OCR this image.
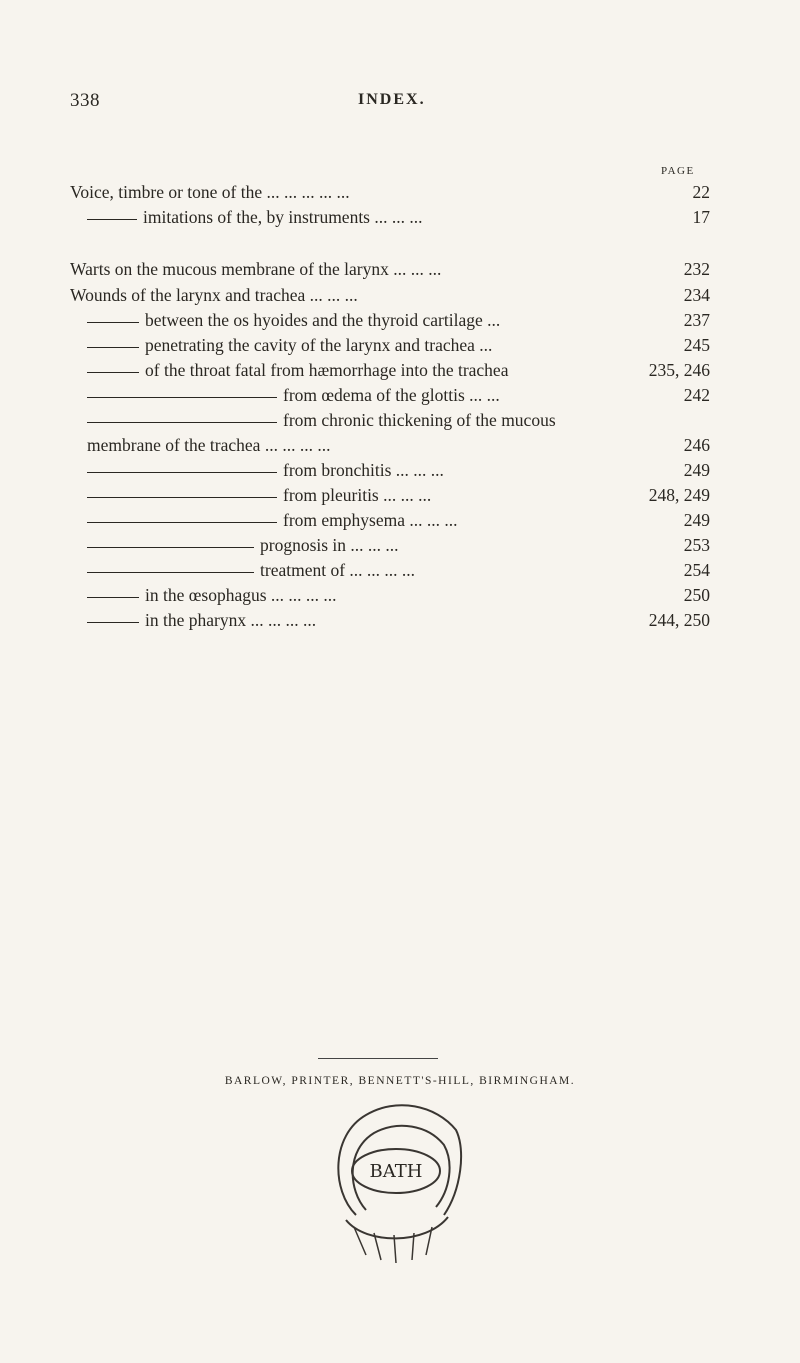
338	INDEX.
PAGE
Voice, timbre or tone of the ... ... ... ... ...	22
imitations of the, by instruments ... ... ...	17
Warts on the mucous membrane of the larynx ... ... ...	232
Wounds of the larynx and trachea ... ... ...	234
between the os hyoides and the thyroid cartilage ...	237
penetrating the cavity of the larynx and trachea ...	245
of the throat fatal from hæmorrhage into the trachea	235, 246
from œdema of the glottis ... ...	242
from chronic thickening of the mucous
membrane of the trachea ... ... ... ...	246
from bronchitis ... ... ...	249
from pleuritis ... ... ...	248, 249
from emphysema ... ... ...	249
prognosis in ... ... ...	253
treatment of ... ... ... ...	254
in the œsophagus ... ... ... ...	250
in the pharynx ... ... ... ...	244, 250
BARLOW, PRINTER, BENNETT'S-HILL, BIRMINGHAM.
BATH
